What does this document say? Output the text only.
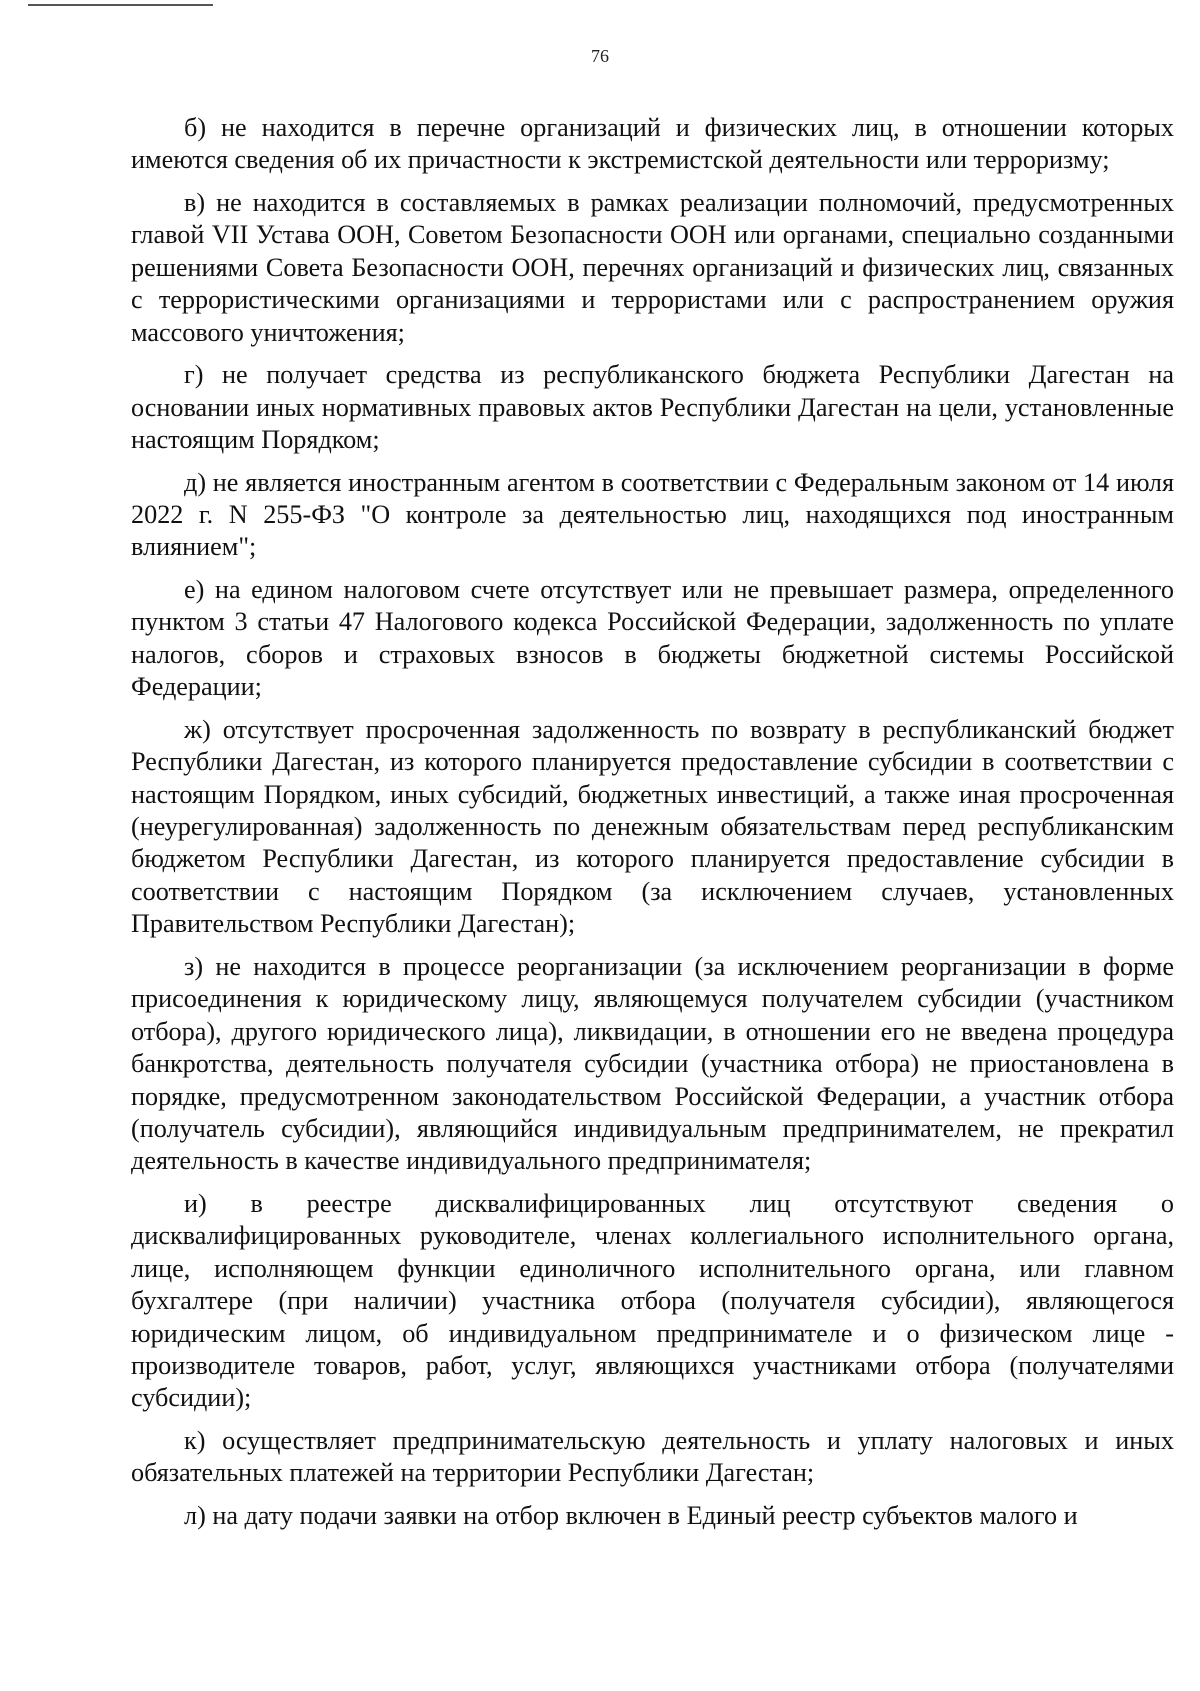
76

б) не находится в перечне организаций и физических лиц, в отношении которых имеются сведения об их причастности к экстремистской деятельности или терроризму;

в) не находится в составляемых в рамках реализации полномочий, предусмотренных главой VII Устава ООН, Советом Безопасности ООН или органами, специально созданными решениями Совета Безопасности ООН, перечнях организаций и физических лиц, связанных с террористическими организациями и террористами или с распространением оружия массового уничтожения;

г) не получает средства из республиканского бюджета Республики Дагестан на основании иных нормативных правовых актов Республики Дагестан на цели, установленные настоящим Порядком;

д) не является иностранным агентом в соответствии с Федеральным законом от 14 июля 2022 г. N 255-ФЗ "О контроле за деятельностью лиц, находящихся под иностранным влиянием";

е) на едином налоговом счете отсутствует или не превышает размера, определенного пунктом 3 статьи 47 Налогового кодекса Российской Федерации, задолженность по уплате налогов, сборов и страховых взносов в бюджеты бюджетной системы Российской Федерации;

ж) отсутствует просроченная задолженность по возврату в республиканский бюджет Республики Дагестан, из которого планируется предоставление субсидии в соответствии с настоящим Порядком, иных субсидий, бюджетных инвестиций, а также иная просроченная (неурегулированная) задолженность по денежным обязательствам перед республиканским бюджетом Республики Дагестан, из которого планируется предоставление субсидии в соответствии с настоящим Порядком (за исключением случаев, установленных Правительством Республики Дагестан);

з) не находится в процессе реорганизации (за исключением реорганизации в форме присоединения к юридическому лицу, являющемуся получателем субсидии (участником отбора), другого юридического лица), ликвидации, в отношении его не введена процедура банкротства, деятельность получателя субсидии (участника отбора) не приостановлена в порядке, предусмотренном законодательством Российской Федерации, а участник отбора (получатель субсидии), являющийся индивидуальным предпринимателем, не прекратил деятельность в качестве индивидуального предпринимателя;

и) в реестре дисквалифицированных лиц отсутствуют сведения о дисквалифицированных руководителе, членах коллегиального исполнительного органа, лице, исполняющем функции единоличного исполнительного органа, или главном бухгалтере (при наличии) участника отбора (получателя субсидии), являющегося юридическим лицом, об индивидуальном предпринимателе и о физическом лице - производителе товаров, работ, услуг, являющихся участниками отбора (получателями субсидии);

к) осуществляет предпринимательскую деятельность и уплату налоговых и иных обязательных платежей на территории Республики Дагестан;

л) на дату подачи заявки на отбор включен в Единый реестр субъектов малого и
